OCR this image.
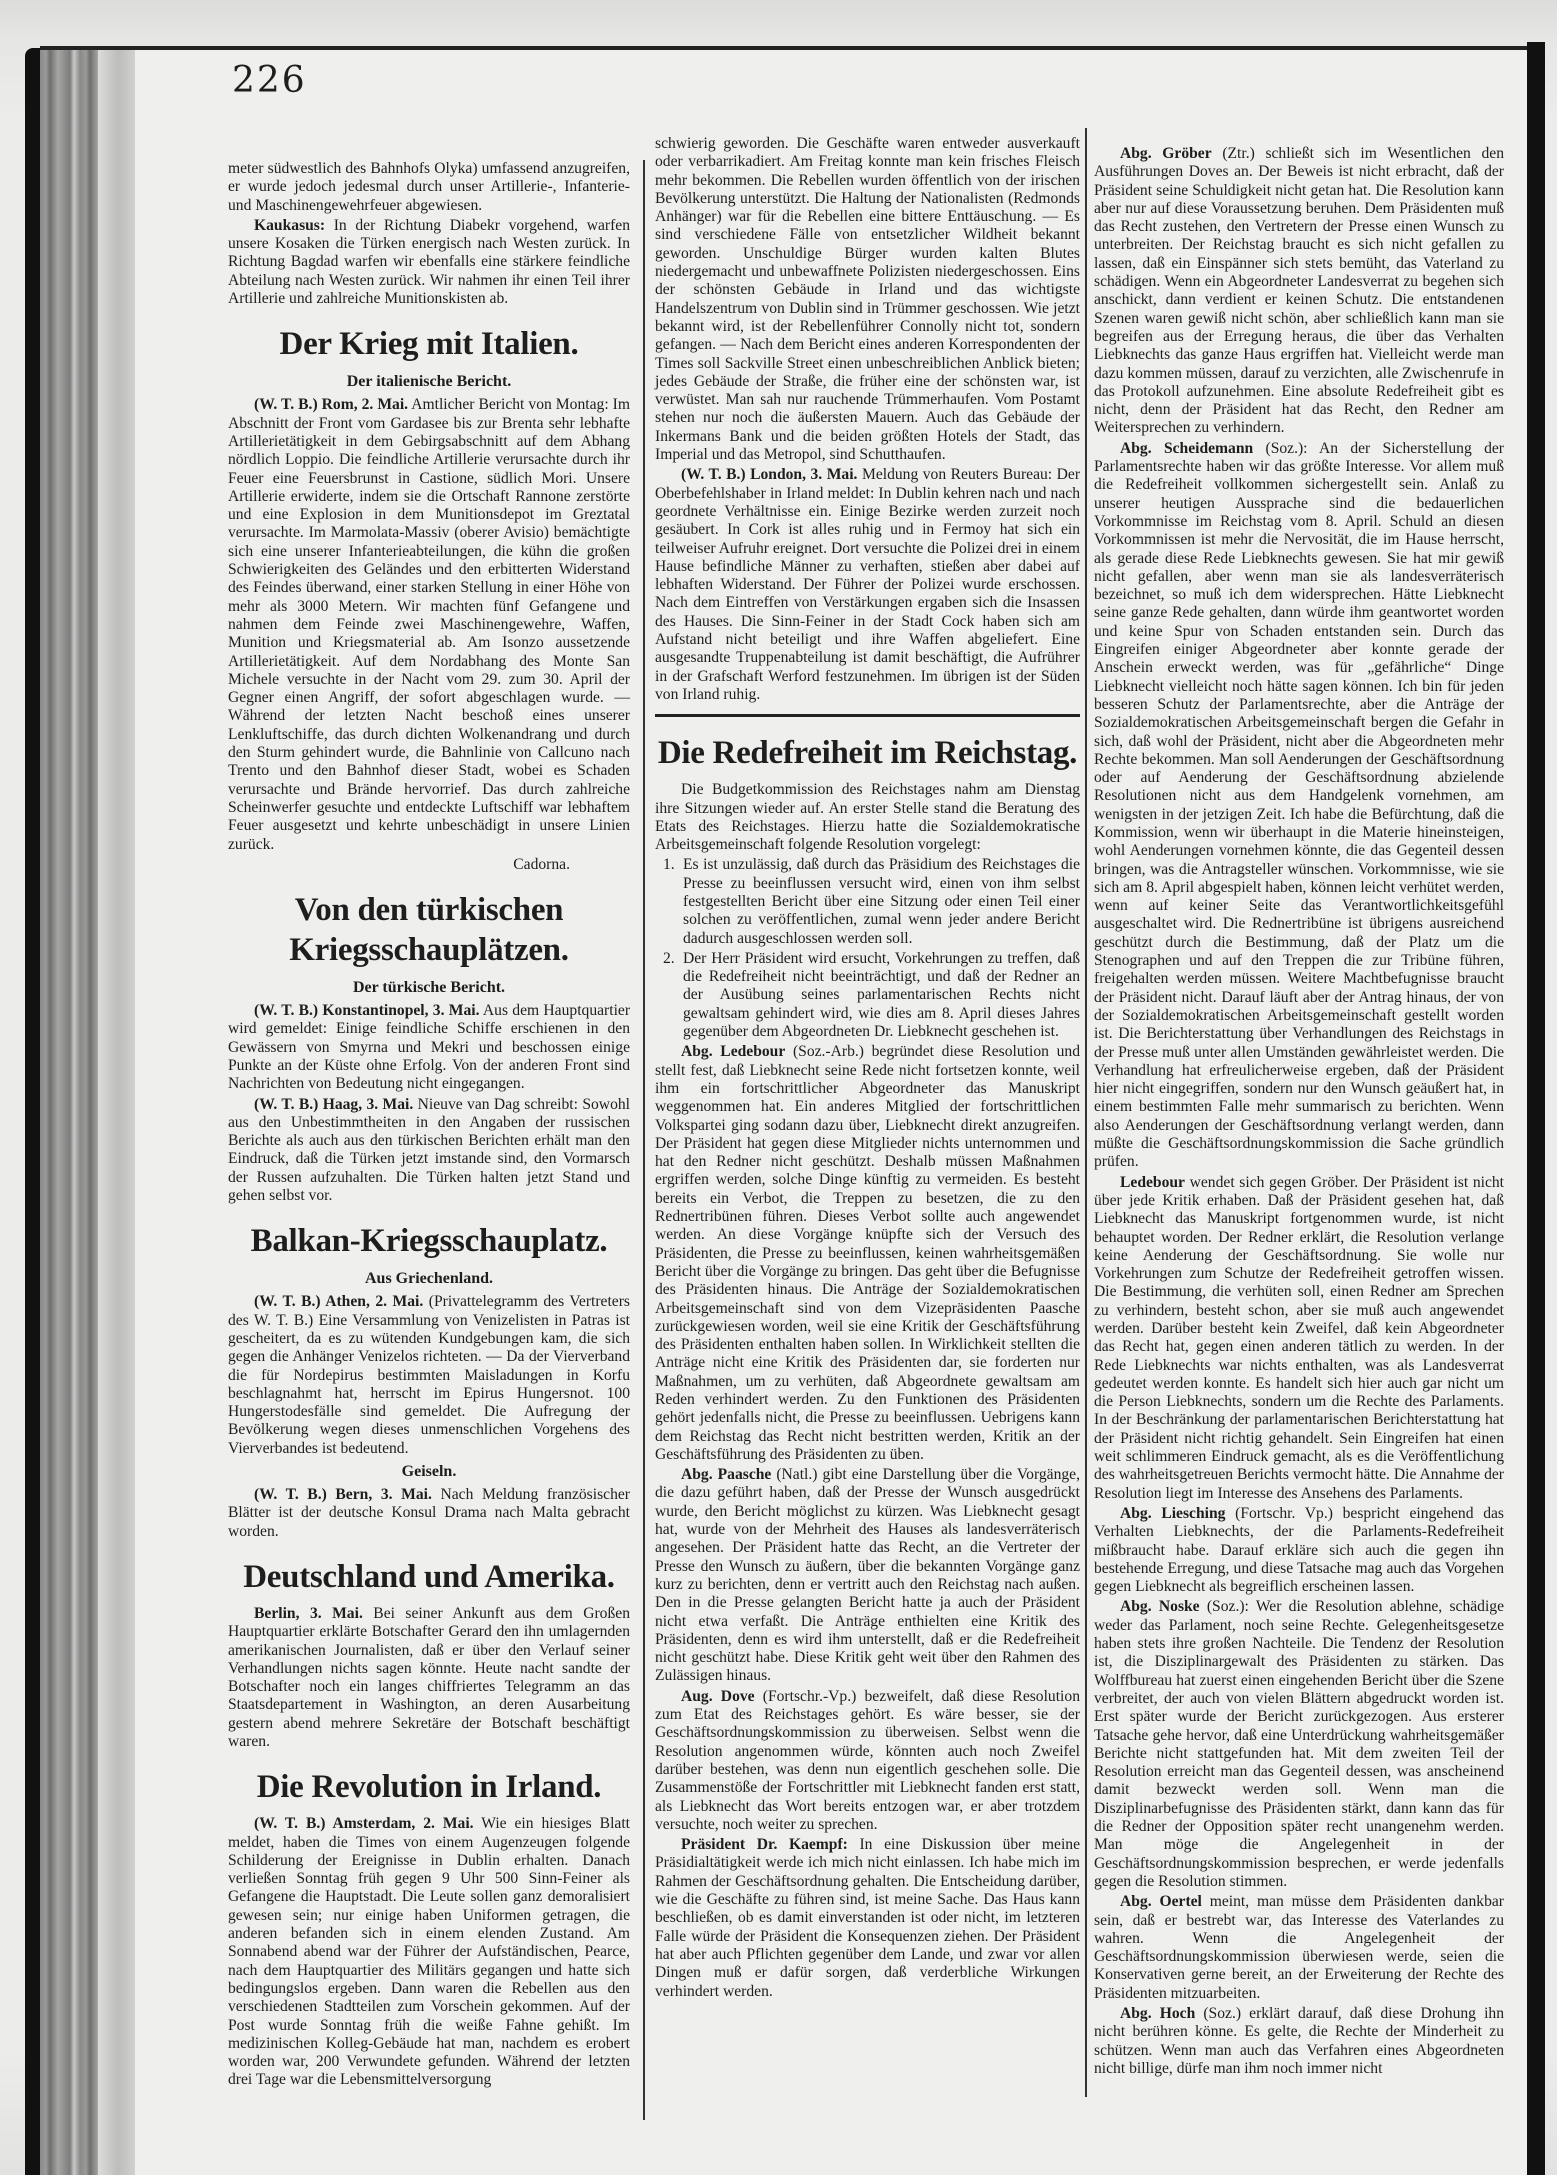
226
meter südwestlich des Bahnhofs Olyka) umfassend anzugreifen, er wurde jedoch jedesmal durch unser Artillerie-, Infanterie- und Maschinengewehrfeuer abgewiesen.
Kaukasus: In der Richtung Diabekr vorgehend, warfen unsere Kosaken die Türken energisch nach Westen zurück. In Richtung Bagdad warfen wir ebenfalls eine stärkere feindliche Abteilung nach Westen zurück. Wir nahmen ihr einen Teil ihrer Artillerie und zahlreiche Munitionskisten ab.
Der Krieg mit Italien.
Der italienische Bericht.
(W. T. B.) Rom, 2. Mai. Amtlicher Bericht von Montag: Im Abschnitt der Front vom Gardasee bis zur Brenta sehr lebhafte Artillerietätigkeit in dem Gebirgsabschnitt auf dem Abhang nördlich Loppio. Die feindliche Artillerie verursachte durch ihr Feuer eine Feuersbrunst in Castione, südlich Mori. Unsere Artillerie erwiderte, indem sie die Ortschaft Rannone zerstörte und eine Explosion in dem Munitionsdepot im Greztatal verursachte. Im Marmolata-Massiv (oberer Avisio) bemächtigte sich eine unserer Infanterieabteilungen, die kühn die großen Schwierigkeiten des Geländes und den erbitterten Widerstand des Feindes überwand, einer starken Stellung in einer Höhe von mehr als 3000 Metern. Wir machten fünf Gefangene und nahmen dem Feinde zwei Maschinengewehre, Waffen, Munition und Kriegsmaterial ab. Am Isonzo aussetzende Artillerietätigkeit. Auf dem Nordabhang des Monte San Michele versuchte in der Nacht vom 29. zum 30. April der Gegner einen Angriff, der sofort abgeschlagen wurde. — Während der letzten Nacht beschoß eines unserer Lenkluftschiffe, das durch dichten Wolkenandrang und durch den Sturm gehindert wurde, die Bahnlinie von Callcuno nach Trento und den Bahnhof dieser Stadt, wobei es Schaden verursachte und Brände hervorrief. Das durch zahlreiche Scheinwerfer gesuchte und entdeckte Luftschiff war lebhaftem Feuer ausgesetzt und kehrte unbeschädigt in unsere Linien zurück.
Cadorna.
Von den türkischen Kriegsschauplätzen.
Der türkische Bericht.
(W. T. B.) Konstantinopel, 3. Mai. Aus dem Hauptquartier wird gemeldet: Einige feindliche Schiffe erschienen in den Gewässern von Smyrna und Mekri und beschossen einige Punkte an der Küste ohne Erfolg. Von der anderen Front sind Nachrichten von Bedeutung nicht eingegangen.
(W. T. B.) Haag, 3. Mai. Nieuve van Dag schreibt: Sowohl aus den Unbestimmtheiten in den Angaben der russischen Berichte als auch aus den türkischen Berichten erhält man den Eindruck, daß die Türken jetzt imstande sind, den Vormarsch der Russen aufzuhalten. Die Türken halten jetzt Stand und gehen selbst vor.
Balkan-Kriegsschauplatz.
Aus Griechenland.
(W. T. B.) Athen, 2. Mai. (Privattelegramm des Vertreters des W. T. B.) Eine Versammlung von Venizelisten in Patras ist gescheitert, da es zu wütenden Kundgebungen kam, die sich gegen die Anhänger Venizelos richteten. — Da der Vierverband die für Nordepirus bestimmten Maisladungen in Korfu beschlagnahmt hat, herrscht im Epirus Hungersnot. 100 Hungerstodesfälle sind gemeldet. Die Aufregung der Bevölkerung wegen dieses unmenschlichen Vorgehens des Vierverbandes ist bedeutend.
Geiseln.
(W. T. B.) Bern, 3. Mai. Nach Meldung französischer Blätter ist der deutsche Konsul Drama nach Malta gebracht worden.
Deutschland und Amerika.
Berlin, 3. Mai. Bei seiner Ankunft aus dem Großen Hauptquartier erklärte Botschafter Gerard den ihn umlagernden amerikanischen Journalisten, daß er über den Verlauf seiner Verhandlungen nichts sagen könnte. Heute nacht sandte der Botschafter noch ein langes chiffriertes Telegramm an das Staatsdepartement in Washington, an deren Ausarbeitung gestern abend mehrere Sekretäre der Botschaft beschäftigt waren.
Die Revolution in Irland.
(W. T. B.) Amsterdam, 2. Mai. Wie ein hiesiges Blatt meldet, haben die Times von einem Augenzeugen folgende Schilderung der Ereignisse in Dublin erhalten. Danach verließen Sonntag früh gegen 9 Uhr 500 Sinn-Feiner als Gefangene die Hauptstadt. Die Leute sollen ganz demoralisiert gewesen sein; nur einige haben Uniformen getragen, die anderen befanden sich in einem elenden Zustand. Am Sonnabend abend war der Führer der Aufständischen, Pearce, nach dem Hauptquartier des Militärs gegangen und hatte sich bedingungslos ergeben. Dann waren die Rebellen aus den verschiedenen Stadtteilen zum Vorschein gekommen. Auf der Post wurde Sonntag früh die weiße Fahne gehißt. Im medizinischen Kolleg-Gebäude hat man, nachdem es erobert worden war, 200 Verwundete gefunden. Während der letzten drei Tage war die Lebensmittelversorgung
schwierig geworden. Die Geschäfte waren entweder ausverkauft oder verbarrikadiert. Am Freitag konnte man kein frisches Fleisch mehr bekommen. Die Rebellen wurden öffentlich von der irischen Bevölkerung unterstützt. Die Haltung der Nationalisten (Redmonds Anhänger) war für die Rebellen eine bittere Enttäuschung. — Es sind verschiedene Fälle von entsetzlicher Wildheit bekannt geworden. Unschuldige Bürger wurden kalten Blutes niedergemacht und unbewaffnete Polizisten niedergeschossen. Eins der schönsten Gebäude in Irland und das wichtigste Handelszentrum von Dublin sind in Trümmer geschossen. Wie jetzt bekannt wird, ist der Rebellenführer Connolly nicht tot, sondern gefangen. — Nach dem Bericht eines anderen Korrespondenten der Times soll Sackville Street einen unbeschreiblichen Anblick bieten; jedes Gebäude der Straße, die früher eine der schönsten war, ist verwüstet. Man sah nur rauchende Trümmerhaufen. Vom Postamt stehen nur noch die äußersten Mauern. Auch das Gebäude der Inkermans Bank und die beiden größten Hotels der Stadt, das Imperial und das Metropol, sind Schutthaufen.
(W. T. B.) London, 3. Mai. Meldung von Reuters Bureau: Der Oberbefehlshaber in Irland meldet: In Dublin kehren nach und nach geordnete Verhältnisse ein. Einige Bezirke werden zurzeit noch gesäubert. In Cork ist alles ruhig und in Fermoy hat sich ein teilweiser Aufruhr ereignet. Dort versuchte die Polizei drei in einem Hause befindliche Männer zu verhaften, stießen aber dabei auf lebhaften Widerstand. Der Führer der Polizei wurde erschossen. Nach dem Eintreffen von Verstärkungen ergaben sich die Insassen des Hauses. Die Sinn-Feiner in der Stadt Cock haben sich am Aufstand nicht beteiligt und ihre Waffen abgeliefert. Eine ausgesandte Truppenabteilung ist damit beschäftigt, die Aufrührer in der Grafschaft Werford festzunehmen. Im übrigen ist der Süden von Irland ruhig.
Die Redefreiheit im Reichstag.
Die Budgetkommission des Reichstages nahm am Dienstag ihre Sitzungen wieder auf. An erster Stelle stand die Beratung des Etats des Reichstages. Hierzu hatte die Sozialdemokratische Arbeitsgemeinschaft folgende Resolution vorgelegt:
1. Es ist unzulässig, daß durch das Präsidium des Reichstages die Presse zu beeinflussen versucht wird, einen von ihm selbst festgestellten Bericht über eine Sitzung oder einen Teil einer solchen zu veröffentlichen, zumal wenn jeder andere Bericht dadurch ausgeschlossen werden soll.
2. Der Herr Präsident wird ersucht, Vorkehrungen zu treffen, daß die Redefreiheit nicht beeinträchtigt, und daß der Redner an der Ausübung seines parlamentarischen Rechts nicht gewaltsam gehindert wird, wie dies am 8. April dieses Jahres gegenüber dem Abgeordneten Dr. Liebknecht geschehen ist.
Abg. Ledebour (Soz.-Arb.) begründet diese Resolution und stellt fest, daß Liebknecht seine Rede nicht fortsetzen konnte, weil ihm ein fortschrittlicher Abgeordneter das Manuskript weggenommen hat. Ein anderes Mitglied der fortschrittlichen Volkspartei ging sodann dazu über, Liebknecht direkt anzugreifen. Der Präsident hat gegen diese Mitglieder nichts unternommen und hat den Redner nicht geschützt. Deshalb müssen Maßnahmen ergriffen werden, solche Dinge künftig zu vermeiden. Es besteht bereits ein Verbot, die Treppen zu besetzen, die zu den Rednertribünen führen. Dieses Verbot sollte auch angewendet werden. An diese Vorgänge knüpfte sich der Versuch des Präsidenten, die Presse zu beeinflussen, keinen wahrheitsgemäßen Bericht über die Vorgänge zu bringen. Das geht über die Befugnisse des Präsidenten hinaus. Die Anträge der Sozialdemokratischen Arbeitsgemeinschaft sind von dem Vizepräsidenten Paasche zurückgewiesen worden, weil sie eine Kritik der Geschäftsführung des Präsidenten enthalten haben sollen. In Wirklichkeit stellten die Anträge nicht eine Kritik des Präsidenten dar, sie forderten nur Maßnahmen, um zu verhüten, daß Abgeordnete gewaltsam am Reden verhindert werden. Zu den Funktionen des Präsidenten gehört jedenfalls nicht, die Presse zu beeinflussen. Uebrigens kann dem Reichstag das Recht nicht bestritten werden, Kritik an der Geschäftsführung des Präsidenten zu üben.
Abg. Paasche (Natl.) gibt eine Darstellung über die Vorgänge, die dazu geführt haben, daß der Presse der Wunsch ausgedrückt wurde, den Bericht möglichst zu kürzen. Was Liebknecht gesagt hat, wurde von der Mehrheit des Hauses als landesverräterisch angesehen. Der Präsident hatte das Recht, an die Vertreter der Presse den Wunsch zu äußern, über die bekannten Vorgänge ganz kurz zu berichten, denn er vertritt auch den Reichstag nach außen. Den in die Presse gelangten Bericht hatte ja auch der Präsident nicht etwa verfaßt. Die Anträge enthielten eine Kritik des Präsidenten, denn es wird ihm unterstellt, daß er die Redefreiheit nicht geschützt habe. Diese Kritik geht weit über den Rahmen des Zulässigen hinaus.
Aug. Dove (Fortschr.-Vp.) bezweifelt, daß diese Resolution zum Etat des Reichstages gehört. Es wäre besser, sie der Geschäftsordnungskommission zu überweisen. Selbst wenn die Resolution angenommen würde, könnten auch noch Zweifel darüber bestehen, was denn nun eigentlich geschehen solle. Die Zusammenstöße der Fortschrittler mit Liebknecht fanden erst statt, als Liebknecht das Wort bereits entzogen war, er aber trotzdem versuchte, noch weiter zu sprechen.
Präsident Dr. Kaempf: In eine Diskussion über meine Präsidialtätigkeit werde ich mich nicht einlassen. Ich habe mich im Rahmen der Geschäftsordnung gehalten. Die Entscheidung darüber, wie die Geschäfte zu führen sind, ist meine Sache. Das Haus kann beschließen, ob es damit einverstanden ist oder nicht, im letzteren Falle würde der Präsident die Konsequenzen ziehen. Der Präsident hat aber auch Pflichten gegenüber dem Lande, und zwar vor allen Dingen muß er dafür sorgen, daß verderbliche Wirkungen verhindert werden.
Abg. Gröber (Ztr.) schließt sich im Wesentlichen den Ausführungen Doves an. Der Beweis ist nicht erbracht, daß der Präsident seine Schuldigkeit nicht getan hat. Die Resolution kann aber nur auf diese Voraussetzung beruhen. Dem Präsidenten muß das Recht zustehen, den Vertretern der Presse einen Wunsch zu unterbreiten. Der Reichstag braucht es sich nicht gefallen zu lassen, daß ein Einspänner sich stets bemüht, das Vaterland zu schädigen. Wenn ein Abgeordneter Landesverrat zu begehen sich anschickt, dann verdient er keinen Schutz. Die entstandenen Szenen waren gewiß nicht schön, aber schließlich kann man sie begreifen aus der Erregung heraus, die über das Verhalten Liebknechts das ganze Haus ergriffen hat. Vielleicht werde man dazu kommen müssen, darauf zu verzichten, alle Zwischenrufe in das Protokoll aufzunehmen. Eine absolute Redefreiheit gibt es nicht, denn der Präsident hat das Recht, den Redner am Weitersprechen zu verhindern.
Abg. Scheidemann (Soz.): An der Sicherstellung der Parlamentsrechte haben wir das größte Interesse. Vor allem muß die Redefreiheit vollkommen sichergestellt sein. Anlaß zu unserer heutigen Aussprache sind die bedauerlichen Vorkommnisse im Reichstag vom 8. April. Schuld an diesen Vorkommnissen ist mehr die Nervosität, die im Hause herrscht, als gerade diese Rede Liebknechts gewesen. Sie hat mir gewiß nicht gefallen, aber wenn man sie als landesverräterisch bezeichnet, so muß ich dem widersprechen. Hätte Liebknecht seine ganze Rede gehalten, dann würde ihm geantwortet worden und keine Spur von Schaden entstanden sein. Durch das Eingreifen einiger Abgeordneter aber konnte gerade der Anschein erweckt werden, was für „gefährliche“ Dinge Liebknecht vielleicht noch hätte sagen können. Ich bin für jeden besseren Schutz der Parlamentsrechte, aber die Anträge der Sozialdemokratischen Arbeitsgemeinschaft bergen die Gefahr in sich, daß wohl der Präsident, nicht aber die Abgeordneten mehr Rechte bekommen. Man soll Aenderungen der Geschäftsordnung oder auf Aenderung der Geschäftsordnung abzielende Resolutionen nicht aus dem Handgelenk vornehmen, am wenigsten in der jetzigen Zeit. Ich habe die Befürchtung, daß die Kommission, wenn wir überhaupt in die Materie hineinsteigen, wohl Aenderungen vornehmen könnte, die das Gegenteil dessen bringen, was die Antragsteller wünschen. Vorkommnisse, wie sie sich am 8. April abgespielt haben, können leicht verhütet werden, wenn auf keiner Seite das Verantwortlichkeitsgefühl ausgeschaltet wird. Die Rednertribüne ist übrigens ausreichend geschützt durch die Bestimmung, daß der Platz um die Stenographen und auf den Treppen die zur Tribüne führen, freigehalten werden müssen. Weitere Machtbefugnisse braucht der Präsident nicht. Darauf läuft aber der Antrag hinaus, der von der Sozialdemokratischen Arbeitsgemeinschaft gestellt worden ist. Die Berichterstattung über Verhandlungen des Reichstags in der Presse muß unter allen Umständen gewährleistet werden. Die Verhandlung hat erfreulicherweise ergeben, daß der Präsident hier nicht eingegriffen, sondern nur den Wunsch geäußert hat, in einem bestimmten Falle mehr summarisch zu berichten. Wenn also Aenderungen der Geschäftsordnung verlangt werden, dann müßte die Geschäftsordnungskommission die Sache gründlich prüfen.
Ledebour wendet sich gegen Gröber. Der Präsident ist nicht über jede Kritik erhaben. Daß der Präsident gesehen hat, daß Liebknecht das Manuskript fortgenommen wurde, ist nicht behauptet worden. Der Redner erklärt, die Resolution verlange keine Aenderung der Geschäftsordnung. Sie wolle nur Vorkehrungen zum Schutze der Redefreiheit getroffen wissen. Die Bestimmung, die verhüten soll, einen Redner am Sprechen zu verhindern, besteht schon, aber sie muß auch angewendet werden. Darüber besteht kein Zweifel, daß kein Abgeordneter das Recht hat, gegen einen anderen tätlich zu werden. In der Rede Liebknechts war nichts enthalten, was als Landesverrat gedeutet werden konnte. Es handelt sich hier auch gar nicht um die Person Liebknechts, sondern um die Rechte des Parlaments. In der Beschränkung der parlamentarischen Berichterstattung hat der Präsident nicht richtig gehandelt. Sein Eingreifen hat einen weit schlimmeren Eindruck gemacht, als es die Veröffentlichung des wahrheitsgetreuen Berichts vermocht hätte. Die Annahme der Resolution liegt im Interesse des Ansehens des Parlaments.
Abg. Liesching (Fortschr. Vp.) bespricht eingehend das Verhalten Liebknechts, der die Parlaments-Redefreiheit mißbraucht habe. Darauf erkläre sich auch die gegen ihn bestehende Erregung, und diese Tatsache mag auch das Vorgehen gegen Liebknecht als begreiflich erscheinen lassen.
Abg. Noske (Soz.): Wer die Resolution ablehne, schädige weder das Parlament, noch seine Rechte. Gelegenheitsgesetze haben stets ihre großen Nachteile. Die Tendenz der Resolution ist, die Disziplinargewalt des Präsidenten zu stärken. Das Wolffbureau hat zuerst einen eingehenden Bericht über die Szene verbreitet, der auch von vielen Blättern abgedruckt worden ist. Erst später wurde der Bericht zurückgezogen. Aus ersterer Tatsache gehe hervor, daß eine Unterdrückung wahrheitsgemäßer Berichte nicht stattgefunden hat. Mit dem zweiten Teil der Resolution erreicht man das Gegenteil dessen, was anscheinend damit bezweckt werden soll. Wenn man die Disziplinarbefugnisse des Präsidenten stärkt, dann kann das für die Redner der Opposition später recht unangenehm werden. Man möge die Angelegenheit in der Geschäftsordnungskommission besprechen, er werde jedenfalls gegen die Resolution stimmen.
Abg. Oertel meint, man müsse dem Präsidenten dankbar sein, daß er bestrebt war, das Interesse des Vaterlandes zu wahren. Wenn die Angelegenheit der Geschäftsordnungskommission überwiesen werde, seien die Konservativen gerne bereit, an der Erweiterung der Rechte des Präsidenten mitzuarbeiten.
Abg. Hoch (Soz.) erklärt darauf, daß diese Drohung ihn nicht berühren könne. Es gelte, die Rechte der Minderheit zu schützen. Wenn man auch das Verfahren eines Abgeordneten nicht billige, dürfe man ihm noch immer nicht
